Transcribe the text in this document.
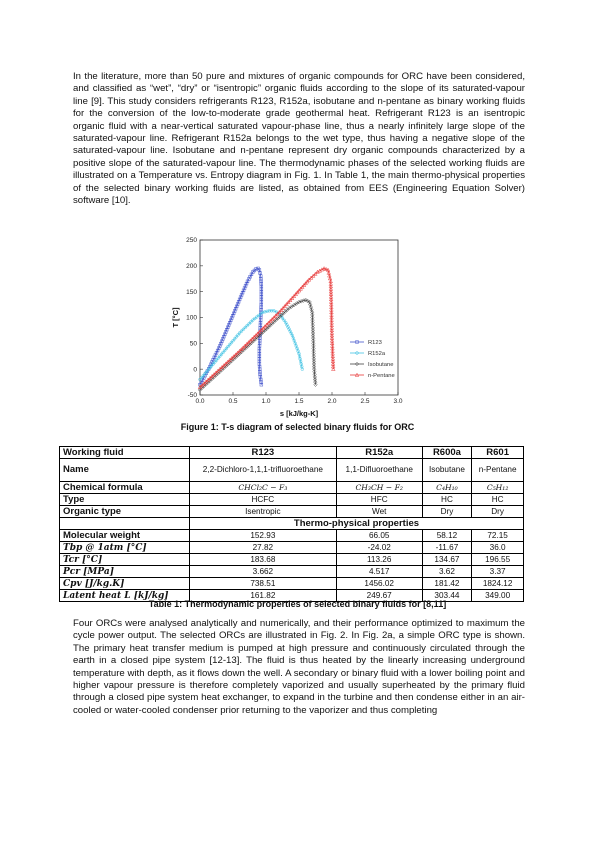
In the literature, more than 50 pure and mixtures of organic compounds for ORC have been considered, and classified as “wet”, “dry” or “isentropic” organic fluids according to the slope of its saturated-vapour line [9]. This study considers refrigerants R123, R152a, isobutane and n-pentane as binary working fluids for the conversion of the low-to-moderate grade geothermal heat. Refrigerant R123 is an isentropic organic fluid with a near-vertical saturated vapour-phase line, thus a nearly infinitely large slope of the saturated-vapour line. Refrigerant R152a belongs to the wet type, thus having a negative slope of the saturated-vapour line. Isobutane and n-pentane represent dry organic compounds characterized by a positive slope of the saturated-vapour line. The thermodynamic phases of the selected working fluids are illustrated on a Temperature vs. Entropy diagram in Fig. 1. In Table 1, the main thermo-physical properties of the selected binary working fluids are listed, as obtained from EES (Engineering Equation Solver) software [10].

0.0	0.5	1.0	1.5	2.0	2.5	3.0
-50
0
50
100
150
200
250
s [kJ/kg-K]
T [°C]
R123
R152a
Isobutane
n-Pentane

Figure 1: T-s diagram of selected binary fluids for ORC

Working fluid	R123	R152a	R600a	R601
Name	2,2-Dichloro-1,1,1-trifluoroethane	1,1-Difluoroethane	Isobutane	n-Pentane
Chemical formula	CHCl₂C − F₃	CH₃CH − F₂	C₄H₁₀	C₅H₁₂
Type	HCFC	HFC	HC	HC
Organic type	Isentropic	Wet	Dry	Dry
	Thermo-physical properties			
Molecular weight	152.93	66.05	58.12	72.15
Tbp @ 1atm [°C]	27.82	-24.02	-11.67	36.0
Tcr [°C]	183.68	113.26	134.67	196.55
Pcr [MPa]	3.662	4.517	3.62	3.37
Cpv [J/kg.K]	738.51	1456.02	181.42	1824.12
Latent heat L [kJ/kg]	161.82	249.67	303.44	349.00

Table 1: Thermodynamic properties of selected binary fluids for [8,11]

Four ORCs were analysed analytically and numerically, and their performance optimized to maximum the cycle power output. The selected ORCs are illustrated in Fig. 2. In Fig. 2a, a simple ORC type is shown. The primary heat transfer medium is pumped at high pressure and continuously circulated through the earth in a closed pipe system [12-13]. The fluid is thus heated by the linearly increasing underground temperature with depth, as it flows down the well. A secondary or binary fluid with a lower boiling point and higher vapour pressure is therefore completely vaporized and usually superheated by the primary fluid through a closed pipe system heat exchanger, to expand in the turbine and then condense either in an air-cooled or water-cooled condenser prior returning to the vaporizer and thus completing
